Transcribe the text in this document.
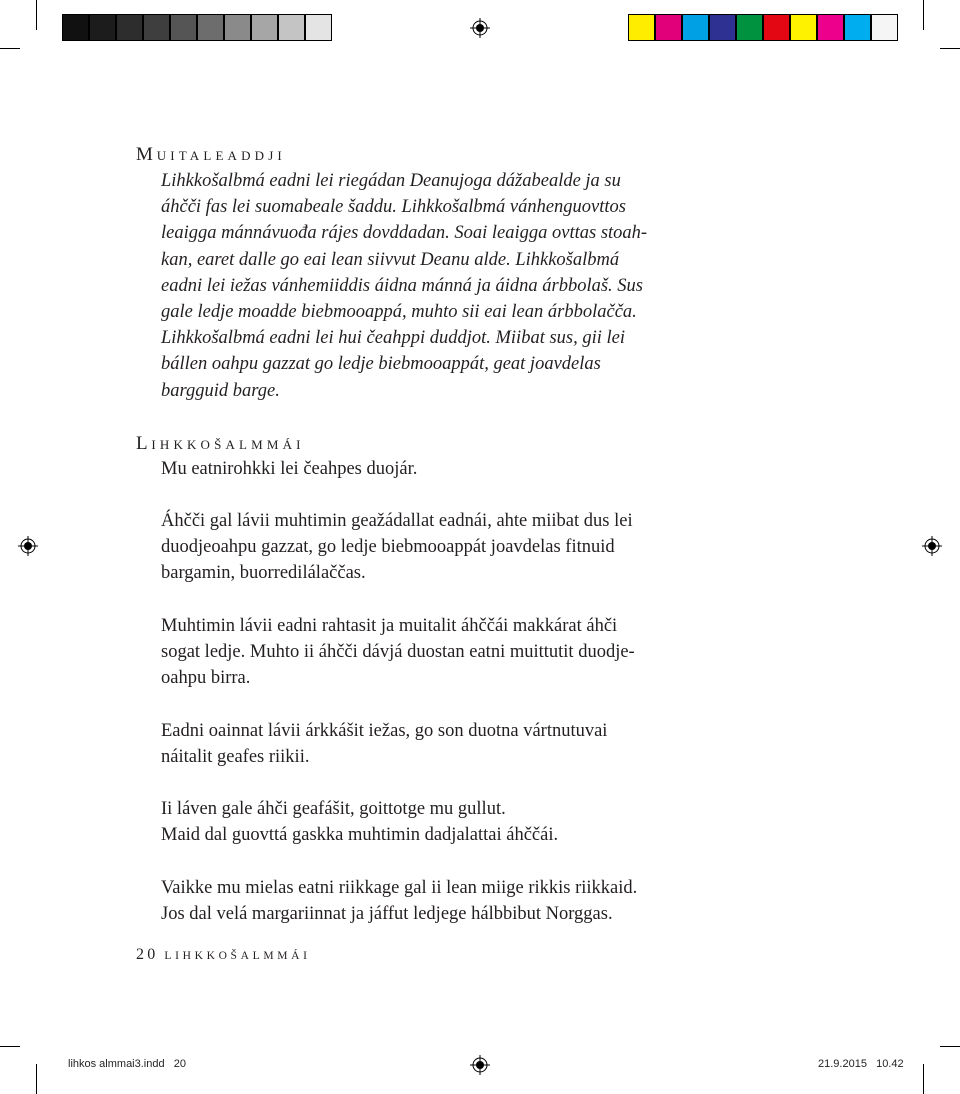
MUITALEADDJI

Lihkkošalbmá eadni lei riegádan Deanujoga dážabealde ja su

áhčči fas lei suomabeale šaddu. Lihkkošalbmá vánhenguovttos

leaigga mánnávuođa rájes dovddadan. Soai leaigga ovttas stoah-

kan, earet dalle go eai lean siivvut Deanu alde. Lihkkošalbmá

eadni lei iežas vánhemiiddis áidna mánná ja áidna árbbolaš. Sus

gale ledje moadde biebmooappá, muhto sii eai lean árbbolačča.

Lihkkošalbmá eadni lei hui čeahppi duddjot. Miibat sus, gii lei

bállen oahpu gazzat go ledje biebmooappát, geat joavdelas

bargguid barge.

LIHKKOŠALMMÁI

Mu eatnirohkki lei čeahpes duojár.

Áhčči gal lávii muhtimin geažádallat eadnái, ahte miibat dus lei

duodjeoahpu gazzat, go ledje biebmooappát joavdelas fitnuid

bargamin, buorredilálaččas.

Muhtimin lávii eadni rahtasit ja muitalit áhččái makkárat áhči

sogat ledje. Muhto ii áhčči dávjá duostan eatni muittutit duodje-

oahpu birra.

Eadni oainnat lávii árkkášit iežas, go son duotna vártnutuvai

náitalit geafes riikii.

Ii láven gale áhči geafášit, goittotge mu gullut.

Maid dal guovttá gaskka muhtimin dadjalattai áhččái.

Vaikke mu mielas eatni riikkage gal ii lean miige rikkis riikkaid.

Jos dal velá margariinnat ja jáffut ledjege hálbbibut Norggas.

20 LIHKKOŠALMMÁI
lihkos almmai3.indd   20	21.9.2015   10.42
